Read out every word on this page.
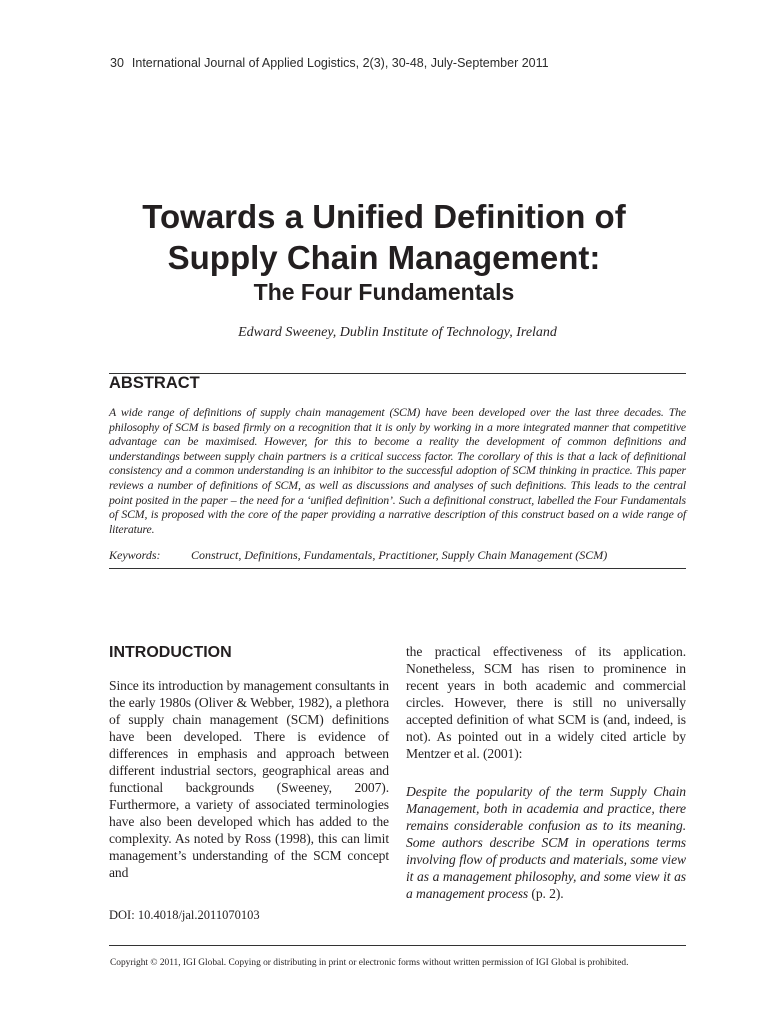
30 International Journal of Applied Logistics, 2(3), 30-48, July-September 2011
Towards a Unified Definition of
Supply Chain Management:
The Four Fundamentals
Edward Sweeney, Dublin Institute of Technology, Ireland
ABSTRACT

A wide range of definitions of supply chain management (SCM) have been developed over the last three decades. The philosophy of SCM is based firmly on a recognition that it is only by working in a more integrated manner that competitive advantage can be maximised. However, for this to become a reality the development of common definitions and understandings between supply chain partners is a critical success factor. The corollary of this is that a lack of definitional consistency and a common understanding is an inhibitor to the successful adoption of SCM thinking in practice. This paper reviews a number of definitions of SCM, as well as discussions and analyses of such definitions. This leads to the central point posited in the paper – the need for a ‘unified definition’. Such a definitional construct, labelled the Four Fundamentals of SCM, is proposed with the core of the paper providing a narrative description of this construct based on a wide range of literature.

Keywords:	Construct, Definitions, Fundamentals, Practitioner, Supply Chain Management (SCM)
INTRODUCTION

Since its introduction by management consultants in the early 1980s (Oliver & Webber, 1982), a plethora of supply chain management (SCM) definitions have been developed. There is evidence of differences in emphasis and approach between different industrial sectors, geographical areas and functional backgrounds (Sweeney, 2007). Furthermore, a variety of associated terminologies have also been developed which has added to the complexity. As noted by Ross (1998), this can limit management’s understanding of the SCM concept and

the practical effectiveness of its application. Nonetheless, SCM has risen to prominence in recent years in both academic and commercial circles. However, there is still no universally accepted definition of what SCM is (and, indeed, is not). As pointed out in a widely cited article by Mentzer et al. (2001):

Despite the popularity of the term Supply Chain Management, both in academia and practice, there remains considerable confusion as to its meaning. Some authors describe SCM in operations terms involving flow of products and materials, some view it as a management philosophy, and some view it as a management process (p. 2).

DOI: 10.4018/jal.2011070103
Copyright © 2011, IGI Global. Copying or distributing in print or electronic forms without written permission of IGI Global is prohibited.
